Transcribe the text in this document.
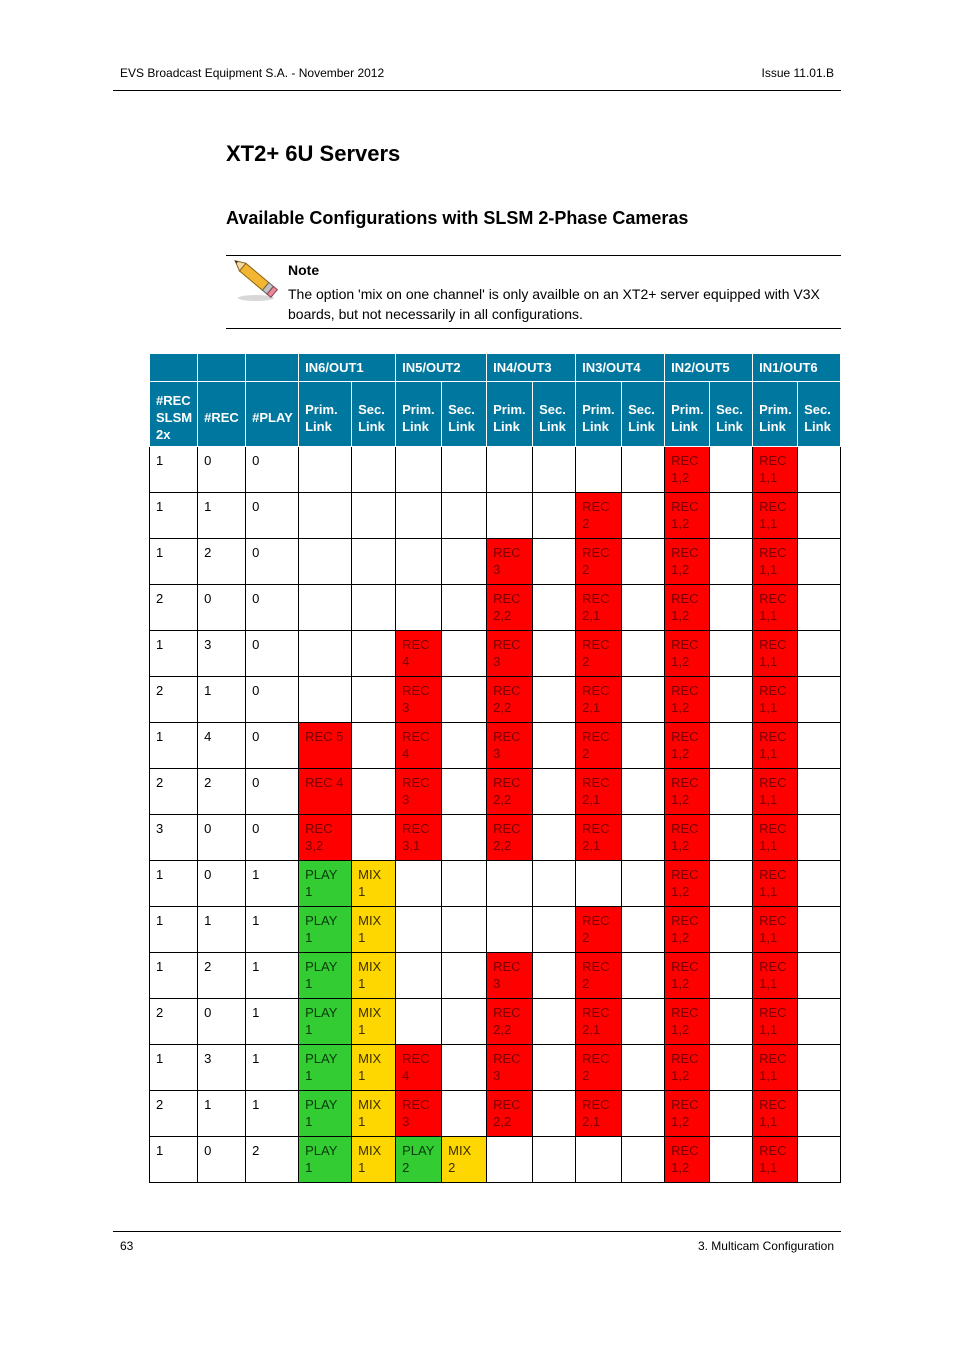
EVS Broadcast Equipment S.A. - November 2012	Issue 11.01.B
XT2+ 6U Servers
Available Configurations with SLSM 2-Phase Cameras
Note
The option 'mix on one channel' is only availble on an XT2+ server equipped with V3X boards, but not necessarily in all configurations.
			IN6/OUT1		IN5/OUT2		IN4/OUT3		IN3/OUT4		IN2/OUT5		IN1/OUT6	
#REC SLSM 2x	#REC	#PLAY	Prim. Link	Sec. Link	Prim. Link	Sec. Link	Prim. Link	Sec. Link	Prim. Link	Sec. Link	Prim. Link	Sec. Link	Prim. Link	Sec. Link
1	0	0									REC 1,2		REC 1,1	
1	1	0							REC 2		REC 1,2		REC 1,1	
1	2	0					REC 3		REC 2		REC 1,2		REC 1,1	
2	0	0					REC 2,2		REC 2,1		REC 1,2		REC 1,1	
1	3	0			REC 4		REC 3		REC 2		REC 1,2		REC 1,1	
2	1	0			REC 3		REC 2,2		REC 2,1		REC 1,2		REC 1,1	
1	4	0	REC 5		REC 4		REC 3		REC 2		REC 1,2		REC 1,1	
2	2	0	REC 4		REC 3		REC 2,2		REC 2,1		REC 1,2		REC 1,1	
3	0	0	REC 3,2		REC 3,1		REC 2,2		REC 2,1		REC 1,2		REC 1,1	
1	0	1	PLAY 1	MIX 1							REC 1,2		REC 1,1	
1	1	1	PLAY 1	MIX 1					REC 2		REC 1,2		REC 1,1	
1	2	1	PLAY 1	MIX 1			REC 3		REC 2		REC 1,2		REC 1,1	
2	0	1	PLAY 1	MIX 1			REC 2,2		REC 2,1		REC 1,2		REC 1,1	
1	3	1	PLAY 1	MIX 1	REC 4		REC 3		REC 2		REC 1,2		REC 1,1	
2	1	1	PLAY 1	MIX 1	REC 3		REC 2,2		REC 2,1		REC 1,2		REC 1,1	
1	0	2	PLAY 1	MIX 1	PLAY 2	MIX 2					REC 1,2		REC 1,1	
63	3. Multicam Configuration
